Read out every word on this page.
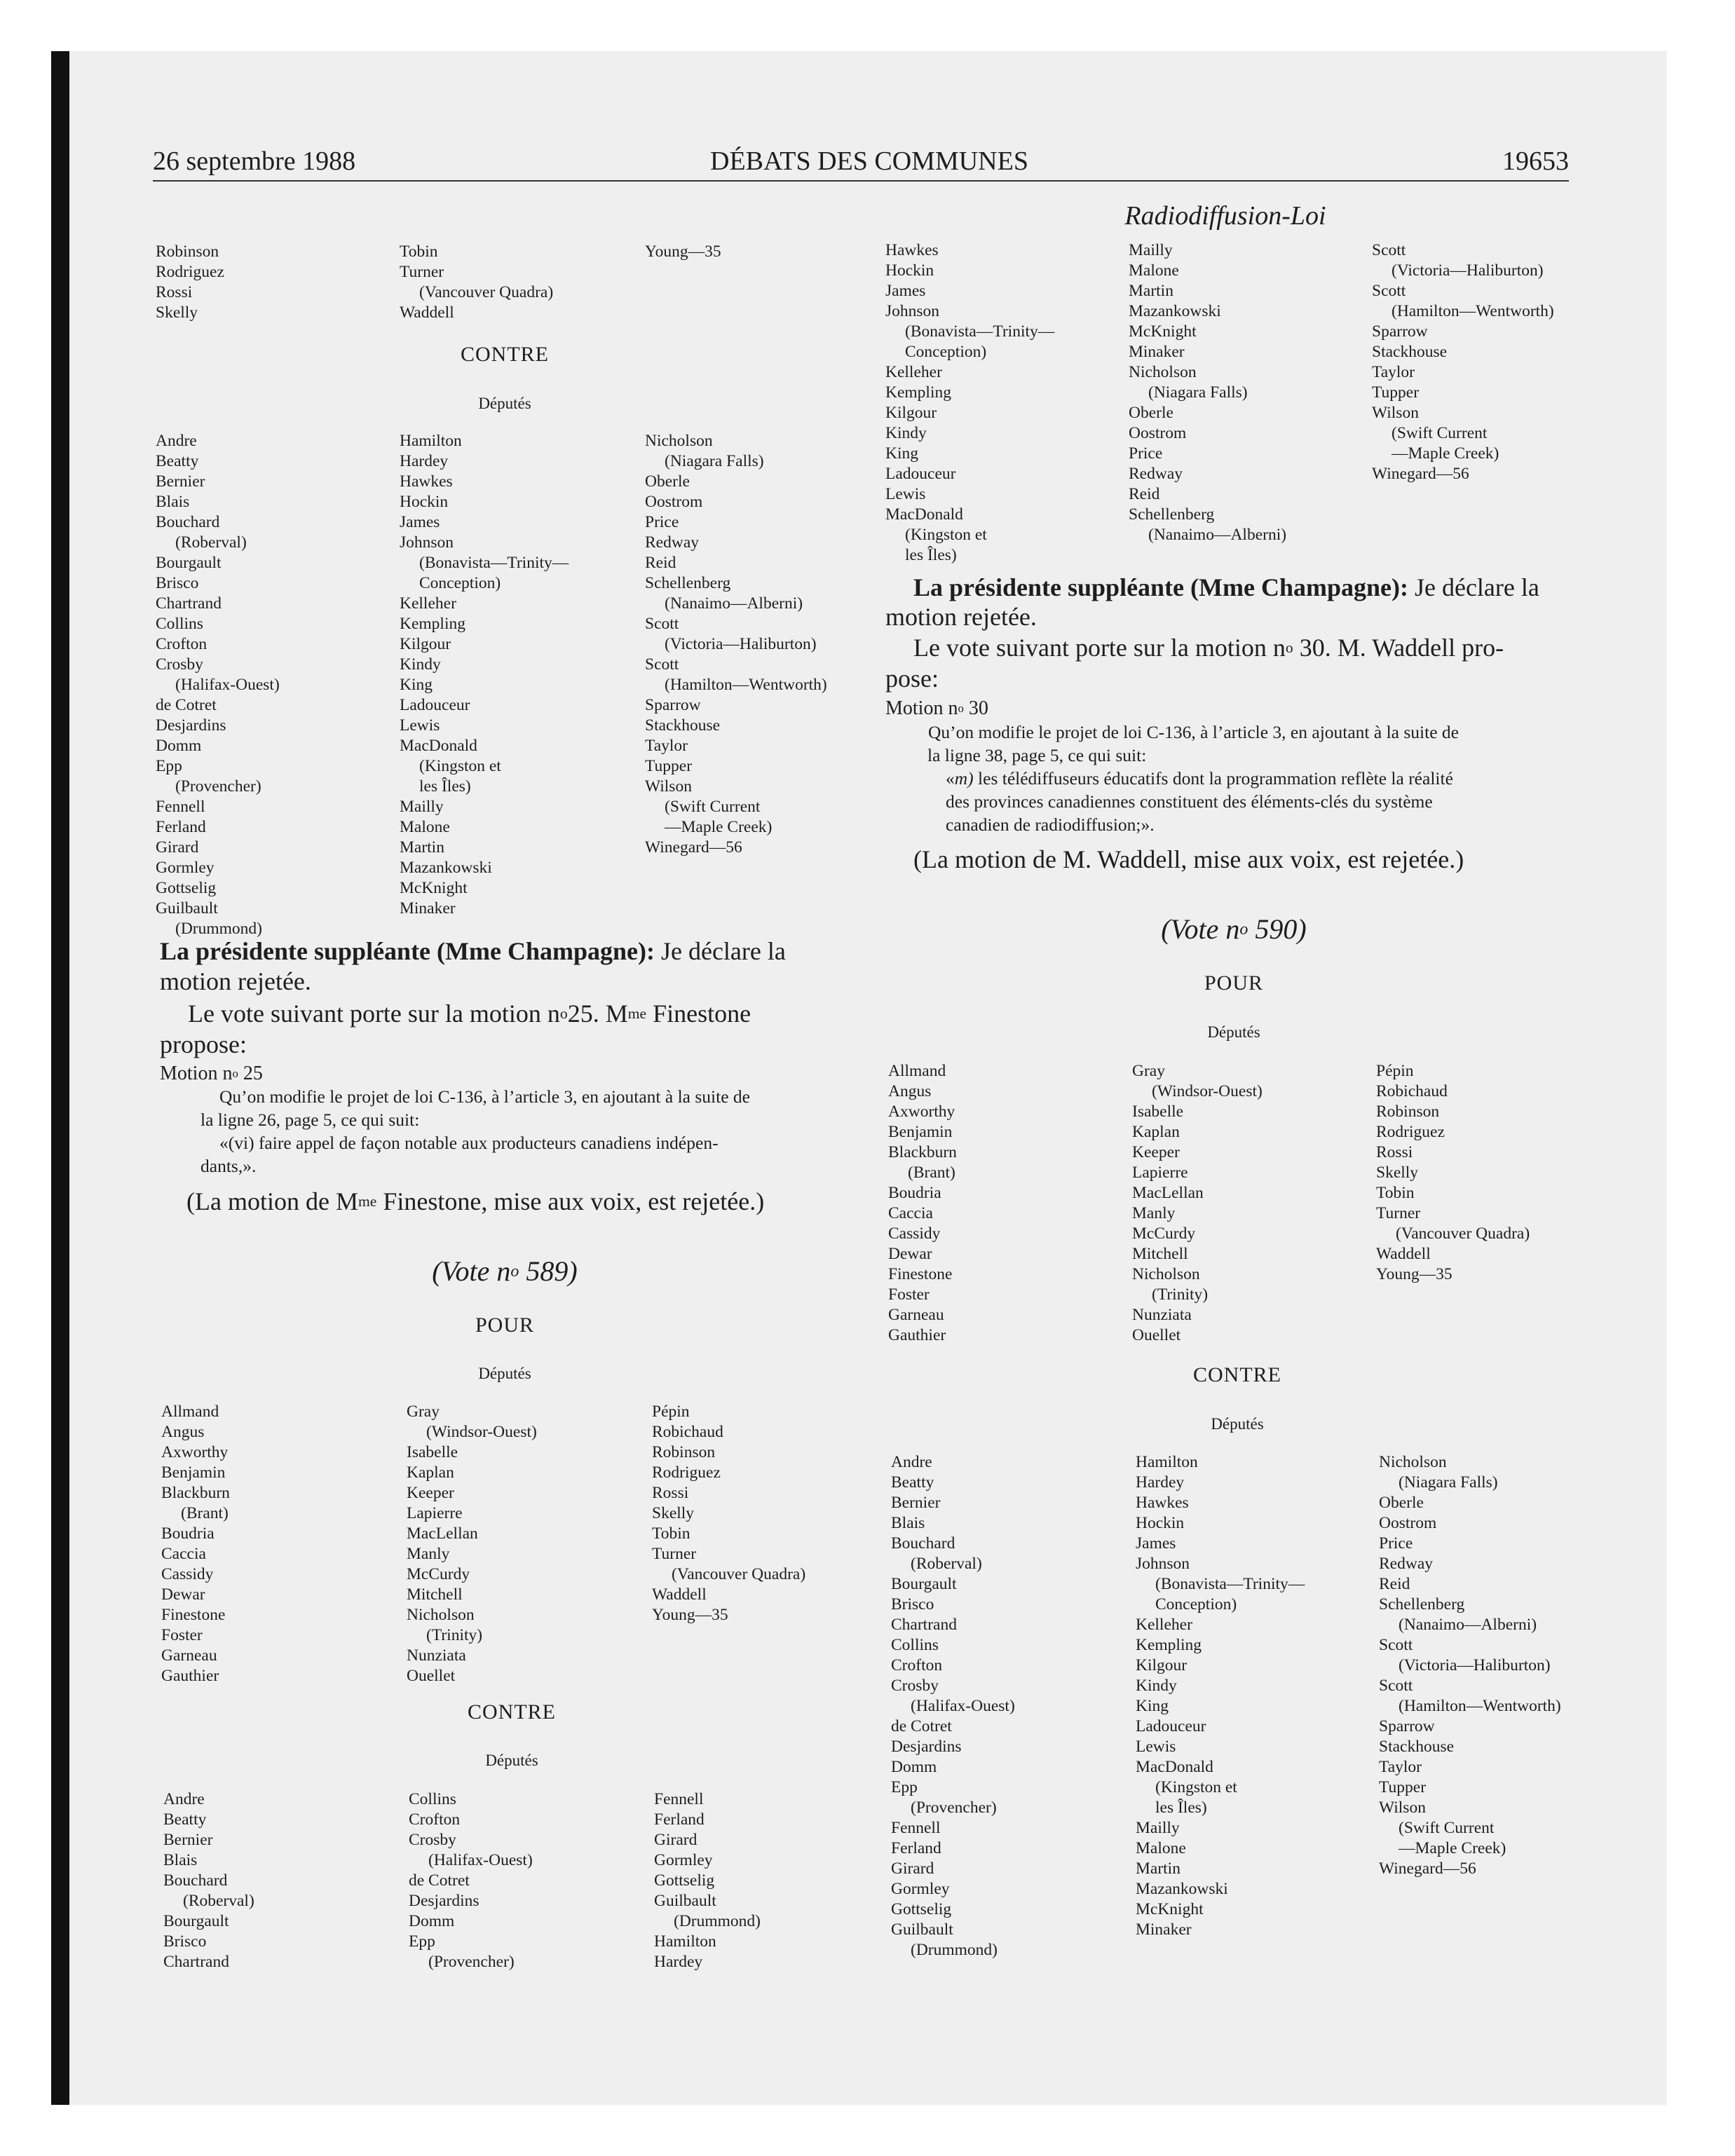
26 septembre 1988	DÉBATS DES COMMUNES	19653
Radiodiffusion-Loi
Robinson
Rodriguez
Rossi
Skelly
Tobin
Turner
(Vancouver Quadra)
Waddell
Young—35
CONTRE
Députés
Andre
Beatty
Bernier
Blais
Bouchard
(Roberval)
Bourgault
Brisco
Chartrand
Collins
Crofton
Crosby
(Halifax-Ouest)
de Cotret
Desjardins
Domm
Epp
(Provencher)
Fennell
Ferland
Girard
Gormley
Gottselig
Guilbault
(Drummond)
Hamilton
Hardey
Hawkes
Hockin
James
Johnson
(Bonavista—Trinity—
Conception)
Kelleher
Kempling
Kilgour
Kindy
King
Ladouceur
Lewis
MacDonald
(Kingston et
les Îles)
Mailly
Malone
Martin
Mazankowski
McKnight
Minaker
Nicholson
(Niagara Falls)
Oberle
Oostrom
Price
Redway
Reid
Schellenberg
(Nanaimo—Alberni)
Scott
(Victoria—Haliburton)
Scott
(Hamilton—Wentworth)
Sparrow
Stackhouse
Taylor
Tupper
Wilson
(Swift Current
—Maple Creek)
Winegard—56
La présidente suppléante (Mme Champagne): Je déclare la
motion rejetée.
Le vote suivant porte sur la motion $n^o25$. $M^{me}$ Finestone
propose:
Motion $n^o$ 25
Qu’on modifie le projet de loi C-136, à l’article 3, en ajoutant à la suite de
la ligne 26, page 5, ce qui suit:
«(vi) faire appel de façon notable aux producteurs canadiens indépen-
dants,».
(La motion de $M^{me}$ Finestone, mise aux voix, est rejetée.)
(Vote $n^o$ 589)
POUR
Députés
Allmand
Angus
Axworthy
Benjamin
Blackburn
(Brant)
Boudria
Caccia
Cassidy
Dewar
Finestone
Foster
Garneau
Gauthier
Gray
(Windsor-Ouest)
Isabelle
Kaplan
Keeper
Lapierre
MacLellan
Manly
McCurdy
Mitchell
Nicholson
(Trinity)
Nunziata
Ouellet
Pépin
Robichaud
Robinson
Rodriguez
Rossi
Skelly
Tobin
Turner
(Vancouver Quadra)
Waddell
Young—35
CONTRE
Députés
Andre
Beatty
Bernier
Blais
Bouchard
(Roberval)
Bourgault
Brisco
Chartrand
Collins
Crofton
Crosby
(Halifax-Ouest)
de Cotret
Desjardins
Domm
Epp
(Provencher)
Fennell
Ferland
Girard
Gormley
Gottselig
Guilbault
(Drummond)
Hamilton
Hardey
Hawkes
Hockin
James
Johnson
(Bonavista—Trinity—
Conception)
Kelleher
Kempling
Kilgour
Kindy
King
Ladouceur
Lewis
MacDonald
(Kingston et
les Îles)
Mailly
Malone
Martin
Mazankowski
McKnight
Minaker
Nicholson
(Niagara Falls)
Oberle
Oostrom
Price
Redway
Reid
Schellenberg
(Nanaimo—Alberni)
Scott
(Victoria—Haliburton)
Scott
(Hamilton—Wentworth)
Sparrow
Stackhouse
Taylor
Tupper
Wilson
(Swift Current
—Maple Creek)
Winegard—56
La présidente suppléante (Mme Champagne): Je déclare la
motion rejetée.
Le vote suivant porte sur la motion $n^o$ 30. M. Waddell pro-
pose:
Motion $n^o$ 30
Qu’on modifie le projet de loi C-136, à l’article 3, en ajoutant à la suite de
la ligne 38, page 5, ce qui suit:
«m) les télédiffuseurs éducatifs dont la programmation reflète la réalité
des provinces canadiennes constituent des éléments-clés du système
canadien de radiodiffusion;».
(La motion de M. Waddell, mise aux voix, est rejetée.)
(Vote $n^o$ 590)
POUR
Députés
Allmand
Angus
Axworthy
Benjamin
Blackburn
(Brant)
Boudria
Caccia
Cassidy
Dewar
Finestone
Foster
Garneau
Gauthier
Gray
(Windsor-Ouest)
Isabelle
Kaplan
Keeper
Lapierre
MacLellan
Manly
McCurdy
Mitchell
Nicholson
(Trinity)
Nunziata
Ouellet
Pépin
Robichaud
Robinson
Rodriguez
Rossi
Skelly
Tobin
Turner
(Vancouver Quadra)
Waddell
Young—35
CONTRE
Députés
Andre
Beatty
Bernier
Blais
Bouchard
(Roberval)
Bourgault
Brisco
Chartrand
Collins
Crofton
Crosby
(Halifax-Ouest)
de Cotret
Desjardins
Domm
Epp
(Provencher)
Fennell
Ferland
Girard
Gormley
Gottselig
Guilbault
(Drummond)
Hamilton
Hardey
Hawkes
Hockin
James
Johnson
(Bonavista—Trinity—
Conception)
Kelleher
Kempling
Kilgour
Kindy
King
Ladouceur
Lewis
MacDonald
(Kingston et
les Îles)
Mailly
Malone
Martin
Mazankowski
McKnight
Minaker
Nicholson
(Niagara Falls)
Oberle
Oostrom
Price
Redway
Reid
Schellenberg
(Nanaimo—Alberni)
Scott
(Victoria—Haliburton)
Scott
(Hamilton—Wentworth)
Sparrow
Stackhouse
Taylor
Tupper
Wilson
(Swift Current
—Maple Creek)
Winegard—56
